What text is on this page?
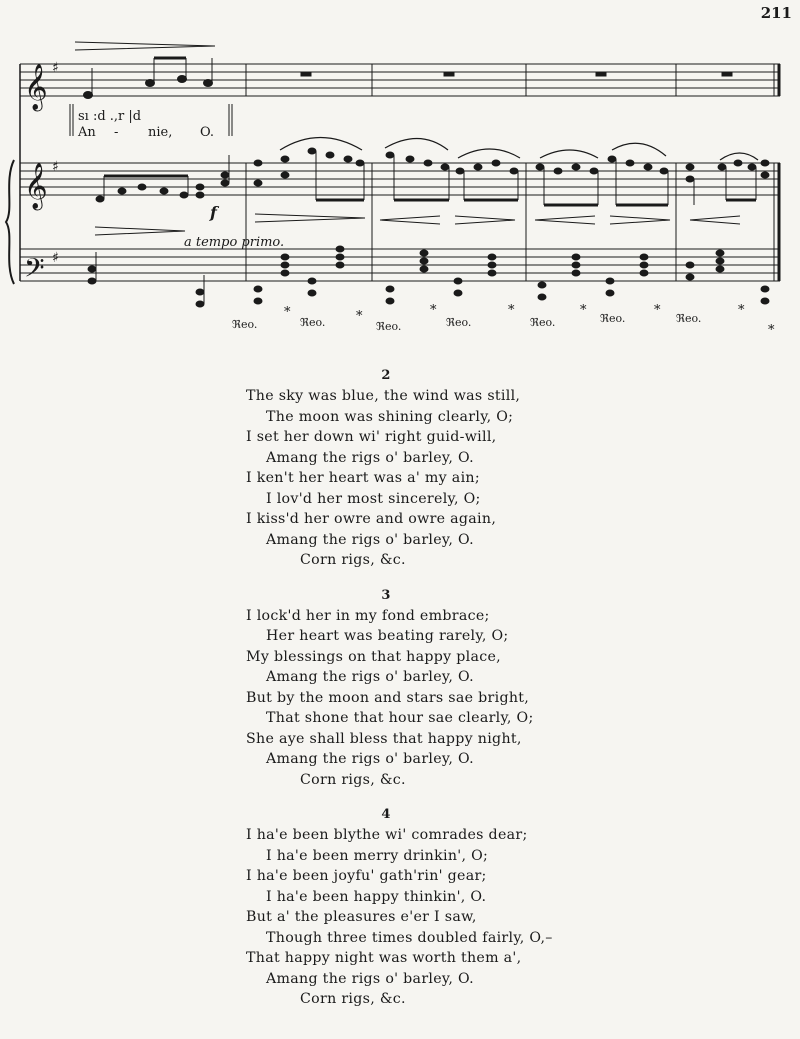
211
𝄞
𝄞
𝄢
♯
♯
♯
sı :d .,r |d
An - nie, O.
f
a tempo primo.
ℜeo.
*
ℜeo. *
ℜeo.
*
ℜeo.
*
ℜeo.
*
ℜeo.
*
ℜeo.
*
*
2
The sky was blue, the wind was still,
The moon was shining clearly, O;
I set her down wi' right guid-will,
Amang the rigs o' barley, O.
I ken't her heart was a' my ain;
I lov'd her most sincerely, O;
I kiss'd her owre and owre again,
Amang the rigs o' barley, O.
Corn rigs, &c.
3
I lock'd her in my fond embrace;
Her heart was beating rarely, O;
My blessings on that happy place,
Amang the rigs o' barley, O.
But by the moon and stars sae bright,
That shone that hour sae clearly, O;
She aye shall bless that happy night,
Amang the rigs o' barley, O.
Corn rigs, &c.
4
I ha'e been blythe wi' comrades dear;
I ha'e been merry drinkin', O;
I ha'e been joyfu' gath'rin' gear;
I ha'e been happy thinkin', O.
But a' the pleasures e'er I saw,
Though three times doubled fairly, O,–
That happy night was worth them a',
Amang the rigs o' barley, O.
Corn rigs, &c.
